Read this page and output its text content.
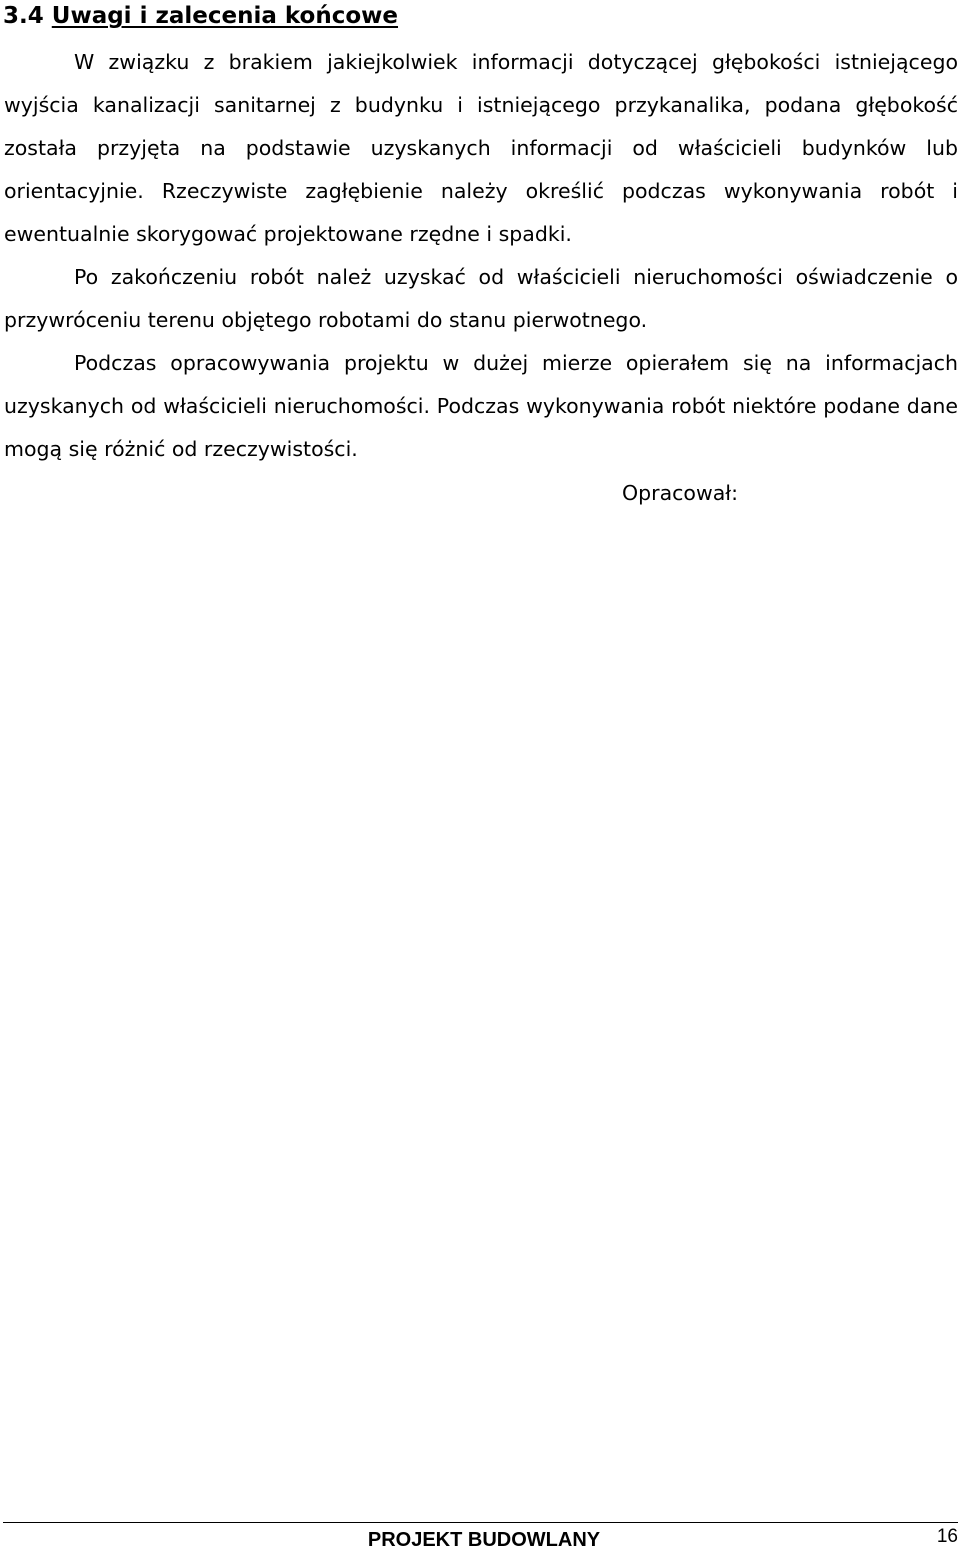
3.4 Uwagi i zalecenia końcowe

W związku z brakiem jakiejkolwiek informacji dotyczącej głębokości istniejącego wyjścia kanalizacji sanitarnej z budynku i istniejącego przykanalika, podana głębokość została przyjęta na podstawie uzyskanych informacji od właścicieli budynków lub orientacyjnie. Rzeczywiste zagłębienie należy określić podczas wykonywania robót i ewentualnie skorygować projektowane rzędne i spadki.

Po zakończeniu robót należ uzyskać od właścicieli nieruchomości oświadczenie o przywróceniu terenu objętego robotami do stanu pierwotnego.

Podczas opracowywania projektu w dużej mierze opierałem się na informacjach uzyskanych od właścicieli nieruchomości. Podczas wykonywania robót niektóre podane dane mogą się różnić od rzeczywistości.

Opracował:
PROJEKT BUDOWLANY	16
